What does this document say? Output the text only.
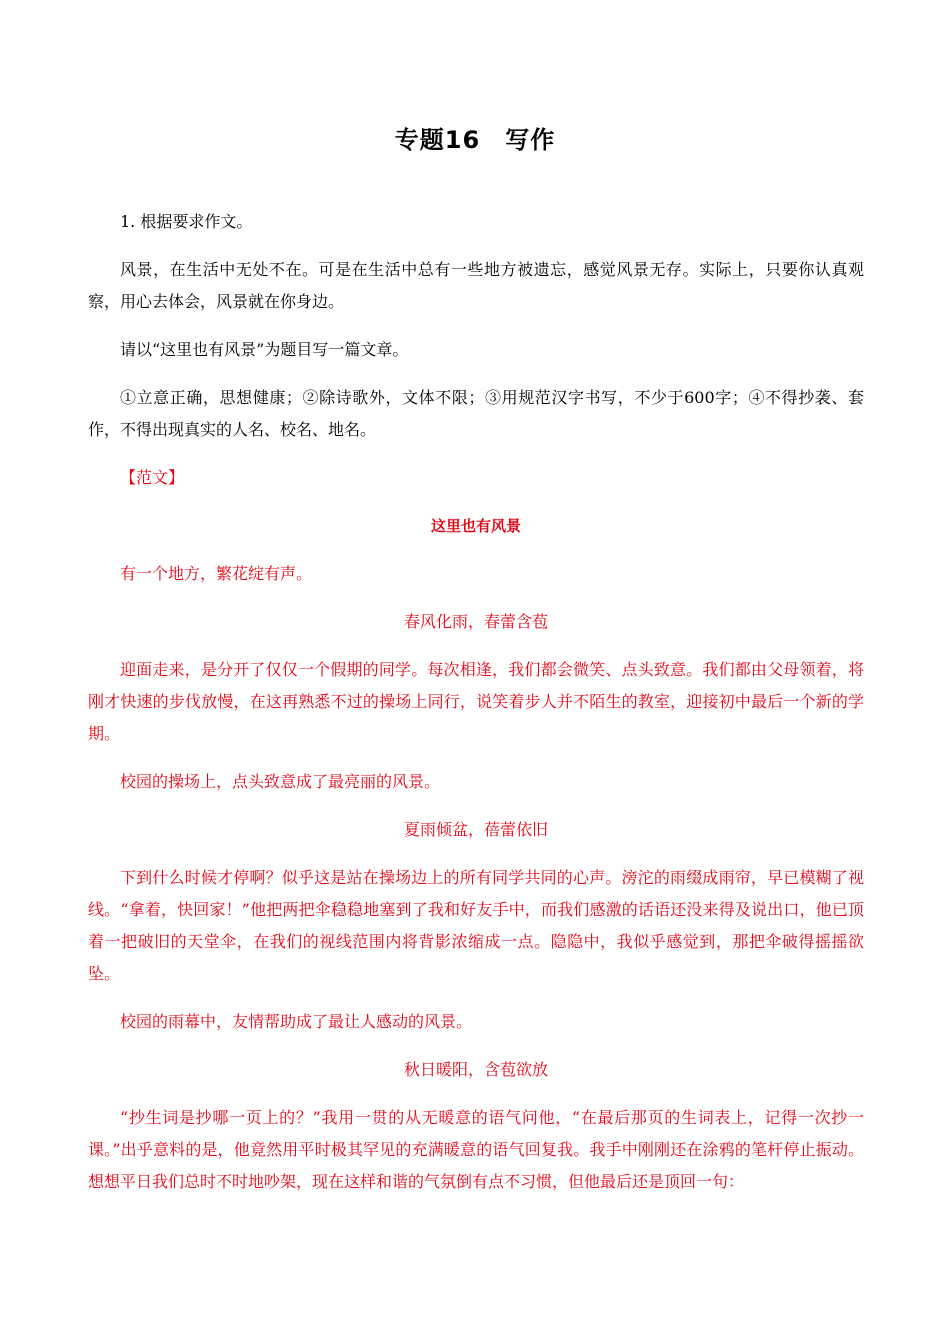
专题16　写作

1. 根据要求作文。

风景，在生活中无处不在。可是在生活中总有一些地方被遗忘，感觉风景无存。实际上，只要你认真观察，用心去体会，风景就在你身边。

请以“这里也有风景”为题目写一篇文章。

①立意正确，思想健康；②除诗歌外，文体不限；③用规范汉字书写，不少于600字；④不得抄袭、套作，不得出现真实的人名、校名、地名。

【范文】

这里也有风景

有一个地方，繁花绽有声。

春风化雨，春蕾含苞

迎面走来，是分开了仅仅一个假期的同学。每次相逢，我们都会微笑、点头致意。我们都由父母领着，将刚才快速的步伐放慢，在这再熟悉不过的操场上同行，说笑着步人并不陌生的教室，迎接初中最后一个新的学期。

校园的操场上，点头致意成了最亮丽的风景。

夏雨倾盆，蓓蕾依旧

下到什么时候才停啊？似乎这是站在操场边上的所有同学共同的心声。滂沱的雨缀成雨帘，早已模糊了视线。“拿着，快回家！”他把两把伞稳稳地塞到了我和好友手中，而我们感激的话语还没来得及说出口，他已顶着一把破旧的天堂伞，在我们的视线范围内将背影浓缩成一点。隐隐中，我似乎感觉到，那把伞破得摇摇欲坠。

校园的雨幕中，友情帮助成了最让人感动的风景。

秋日暖阳，含苞欲放

“抄生词是抄哪一页上的？”我用一贯的从无暖意的语气问他，“在最后那页的生词表上，记得一次抄一课。”出乎意料的是，他竟然用平时极其罕见的充满暖意的语气回复我。我手中刚刚还在涂鸦的笔杆停止振动。想想平日我们总时不时地吵架，现在这样和谐的气氛倒有点不习惯，但他最后还是顶回一句：
